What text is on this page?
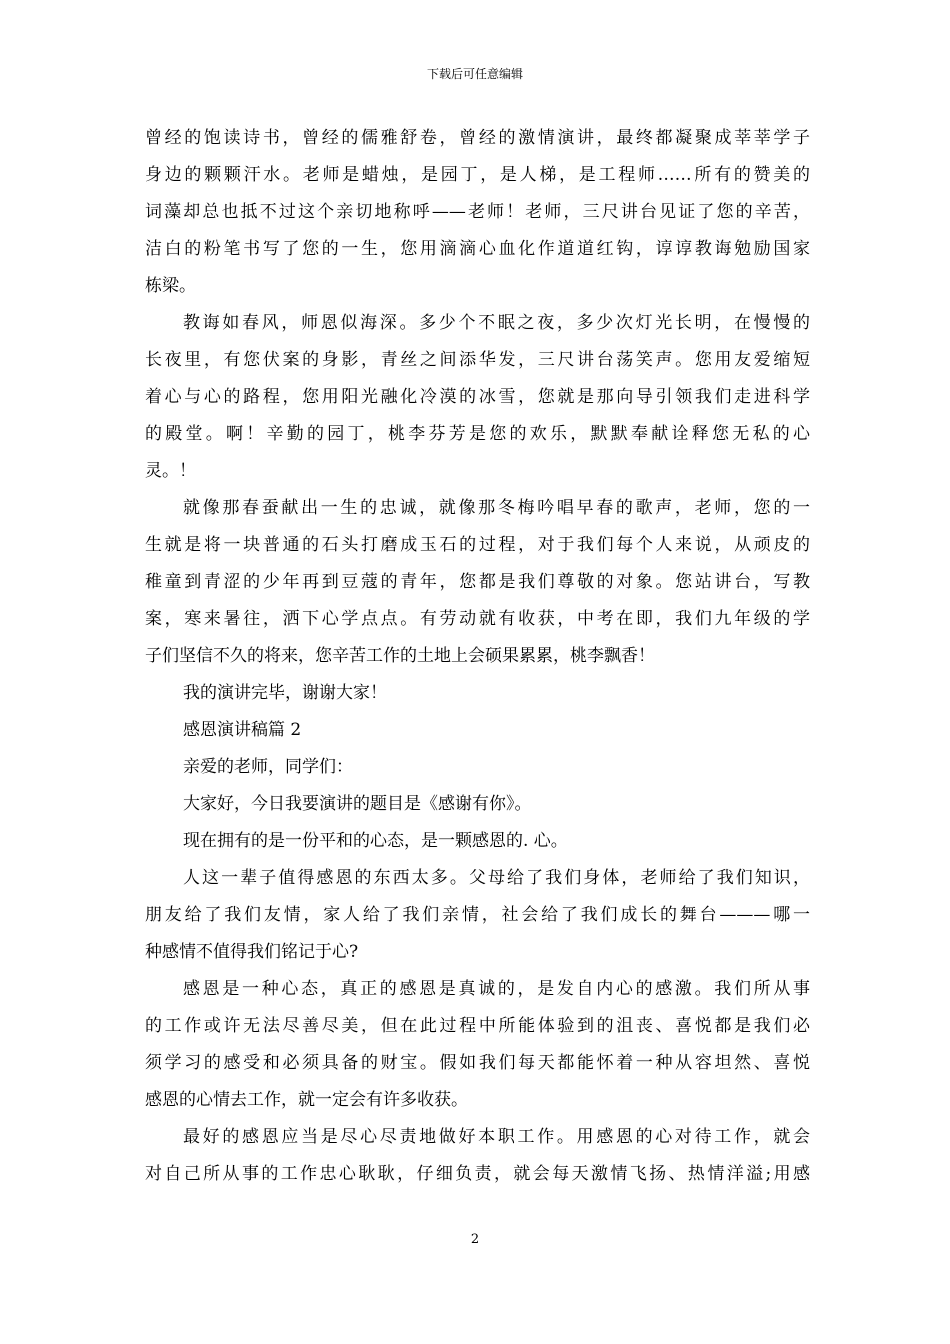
下载后可任意编辑
曾经的饱读诗书，曾经的儒雅舒卷，曾经的激情演讲，最终都凝聚成莘莘学子
身边的颗颗汗水。老师是蜡烛，是园丁，是人梯，是工程师……所有的赞美的
词藻却总也抵不过这个亲切地称呼——老师！老师，三尺讲台见证了您的辛苦，
洁白的粉笔书写了您的一生，您用滴滴心血化作道道红钩，谆谆教诲勉励国家
栋梁。
教诲如春风，师恩似海深。多少个不眠之夜，多少次灯光长明，在慢慢的
长夜里，有您伏案的身影，青丝之间添华发，三尺讲台荡笑声。您用友爱缩短
着心与心的路程，您用阳光融化冷漠的冰雪，您就是那向导引领我们走进科学
的殿堂。啊！辛勤的园丁，桃李芬芳是您的欢乐，默默奉献诠释您无私的心
灵。！
就像那春蚕献出一生的忠诚，就像那冬梅吟唱早春的歌声，老师，您的一
生就是将一块普通的石头打磨成玉石的过程，对于我们每个人来说，从顽皮的
稚童到青涩的少年再到豆蔻的青年，您都是我们尊敬的对象。您站讲台，写教
案，寒来暑往，洒下心学点点。有劳动就有收获，中考在即，我们九年级的学
子们坚信不久的将来，您辛苦工作的土地上会硕果累累，桃李飘香！
我的演讲完毕，谢谢大家！
感恩演讲稿篇 2
亲爱的老师，同学们：
大家好，今日我要演讲的题目是《感谢有你》。
现在拥有的是一份平和的心态，是一颗感恩的. 心。
人这一辈子值得感恩的东西太多。父母给了我们身体，老师给了我们知识，
朋友给了我们友情，家人给了我们亲情，社会给了我们成长的舞台———哪一
种感情不值得我们铭记于心?
感恩是一种心态，真正的感恩是真诚的，是发自内心的感激。我们所从事
的工作或许无法尽善尽美，但在此过程中所能体验到的沮丧、喜悦都是我们必
须学习的感受和必须具备的财宝。假如我们每天都能怀着一种从容坦然、喜悦
感恩的心情去工作，就一定会有许多收获。
最好的感恩应当是尽心尽责地做好本职工作。用感恩的心对待工作，就会
对自己所从事的工作忠心耿耿，仔细负责，就会每天激情飞扬、热情洋溢;用感
2
